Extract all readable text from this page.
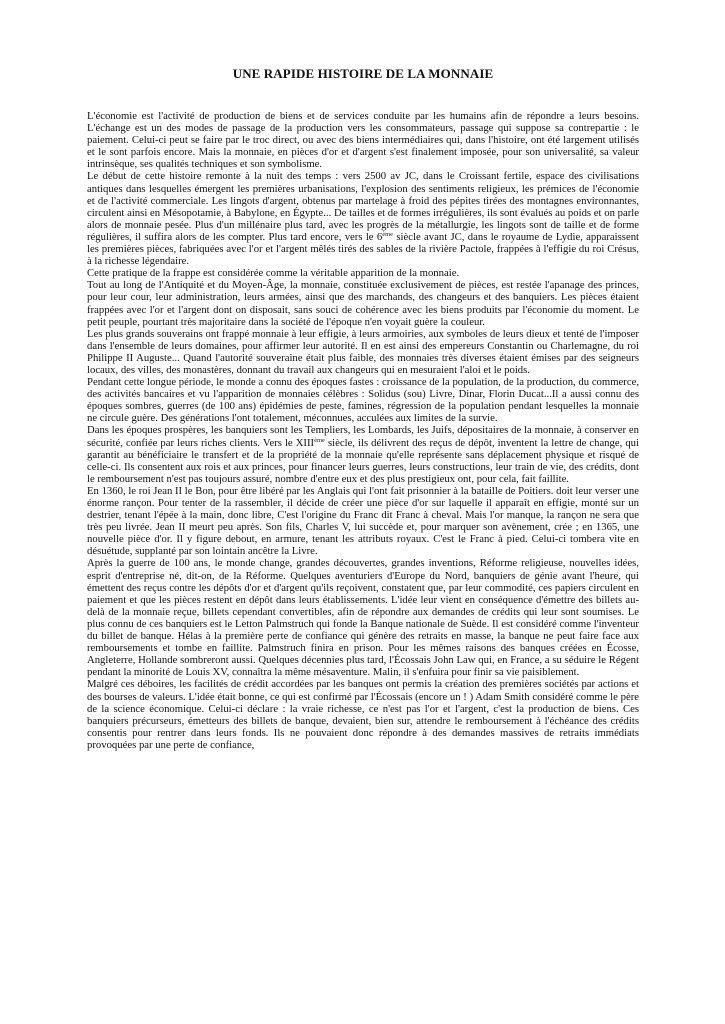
UNE RAPIDE HISTOIRE DE LA MONNAIE

L'économie est l'activité de production de biens et de services conduite par les humains afin de répondre a leurs besoins. L'échange est un des modes de passage de la production vers les consommateurs, passage qui suppose sa contrepartie : le paiement. Celui-ci peut se faire par le troc direct, ou avec des biens intermédiaires qui, dans l'histoire, ont été largement utilisés et le sont parfois encore. Mais la monnaie, en pièces d'or et d'argent s'est finalement imposée, pour son universalité, sa valeur intrinsèque, ses qualités techniques et son symbolisme.

Le début de cette histoire remonte à la nuit des temps : vers 2500 av JC, dans le Croissant fertile, espace des civilisations antiques dans lesquelles émergent les premières urbanisations, l'explosion des sentiments religieux, les prémices de l'économie et de l'activité commerciale. Les lingots d'argent, obtenus par martelage à froid des pépites tirées des montagnes environnantes, circulent ainsi en Mésopotamie, à Babylone, en Égypte... De tailles et de formes irrégulières, ils sont évalués au poids et on parle alors de monnaie pesée. Plus d'un millénaire plus tard, avec les progrès de la métallurgie, les lingots sont de taille et de forme régulières, il suffira alors de les compter. Plus tard encore, vers le 6ème siècle avant JC, dans le royaume de Lydie, apparaissent les premières pièces, fabriquées avec l'or et l'argent mêlés tirés des sables de la rivière Pactole, frappées à l'effigie du roi Crésus, à la richesse légendaire.

Cette pratique de la frappe est considérée comme la véritable apparition de la monnaie.

Tout au long de l'Antiquité et du Moyen-Âge, la monnaie, constituée exclusivement de pièces, est restée l'apanage des princes, pour leur cour, leur administration, leurs armées, ainsi que des marchands, des changeurs et des banquiers. Les pièces étaient frappées avec l'or et l'argent dont on disposait, sans souci de cohérence avec les biens produits par l'économie du moment. Le petit peuple, pourtant très majoritaire dans la société de l'époque n'en voyait guère la couleur.

Les plus grands souverains ont frappé monnaie à leur effigie, à leurs armoiries, aux symboles de leurs dieux et tenté de l'imposer dans l'ensemble de leurs domaines, pour affirmer leur autorité. Il en est ainsi des empereurs Constantin ou Charlemagne, du roi Philippe II Auguste... Quand l'autorité souveraine était plus faible, des monnaies très diverses étaient émises par des seigneurs locaux, des villes, des monastères, donnant du travail aux changeurs qui en mesuraient l'aloi et le poids.

Pendant cette longue période, le monde a connu des époques fastes : croissance de la population, de la production, du commerce, des activités bancaires et vu l'apparition de monnaies célèbres : Solidus (sou) Livre, Dinar, Florin Ducat...Il a aussi connu des époques sombres, guerres (de 100 ans) épidémies de peste, famines, régression de la population pendant lesquelles la monnaie ne circule guère. Des générations l'ont totalement, méconnues, acculées aux limites de la survie.

Dans les époques prospères, les banquiers sont les Templiers, les Lombards, les Juifs, dépositaires de la monnaie, à conserver en sécurité, confiée par leurs riches clients. Vers le XIIIème siècle, ils délivrent des reçus de dépôt, inventent la lettre de change, qui garantit au bénéficiaire le transfert et de la propriété de la monnaie qu'elle représente sans déplacement physique et risqué de celle-ci. Ils consentent aux rois et aux princes, pour financer leurs guerres, leurs constructions, leur train de vie, des crédits, dont le remboursement n'est pas toujours assuré, nombre d'entre eux et des plus prestigieux ont, pour cela, fait faillite.

En 1360, le roi Jean II le Bon, pour être libéré par les Anglais qui l'ont fait prisonnier à la bataille de Poitiers. doit leur verser une énorme rançon. Pour tenter de la rassembler, il décide de créer une pièce d'or sur laquelle il apparaît en effigie, monté sur un destrier, tenant l'épée à la main, donc libre, C'est l'origine du Franc dit Franc à cheval. Mais l'or manque, la rançon ne sera que très peu livrée. Jean II meurt peu après. Son fils, Charles V, lui succède et, pour marquer son avènement, crée ; en 1365, une nouvelle pièce d'or. Il y figure debout, en armure, tenant les attributs royaux. C'est le Franc à pied. Celui-ci tombera vite en désuétude, supplanté par son lointain ancêtre la Livre.

Après la guerre de 100 ans, le monde change, grandes découvertes, grandes inventions, Réforme religieuse, nouvelles idées, esprit d'entreprise né, dit-on, de la Réforme. Quelques aventuriers d'Europe du Nord, banquiers de génie avant l'heure, qui émettent des reçus contre les dépôts d'or et d'argent qu'ils reçoivent, constatent que, par leur commodité, ces papiers circulent en paiement et que les pièces restent en dépôt dans leurs établissements. L'idée leur vient en conséquence d'émettre des billets au-delà de la monnaie reçue, billets cependant convertibles, afin de répondre aux demandes de crédits qui leur sont soumises. Le plus connu de ces banquiers est le Letton Palmstruch qui fonde la Banque nationale de Suède. Il est considéré comme l'inventeur du billet de banque. Hélas à la première perte de confiance qui génère des retraits en masse, la banque ne peut faire face aux remboursements et tombe en faillite. Palmstruch finira en prison. Pour les mêmes raisons des banques créées en Écosse, Angleterre, Hollande sombreront aussi. Quelques décennies plus tard, l'Écossais John Law qui, en France, a su séduire le Régent pendant la minorité de Louis XV, connaîtra la même mésaventure. Malin, il s'enfuira pour finir sa vie paisiblement.

Malgré ces déboires, les facilités de crédit accordées par les banques ont permis la création des premières sociétés par actions et des bourses de valeurs. L'idée était bonne, ce qui est confirmé par l'Écossais (encore un ! ) Adam Smith considéré comme le père de la science économique. Celui-ci déclare : la vraie richesse, ce n'est pas l'or et l'argent, c'est la production de biens. Ces banquiers précurseurs, émetteurs des billets de banque, devaient, bien sur, attendre le remboursement à l'échéance des crédits consentis pour rentrer dans leurs fonds. Ils ne pouvaient donc répondre à des demandes massives de retraits immédiats provoquées par une perte de confiance,
